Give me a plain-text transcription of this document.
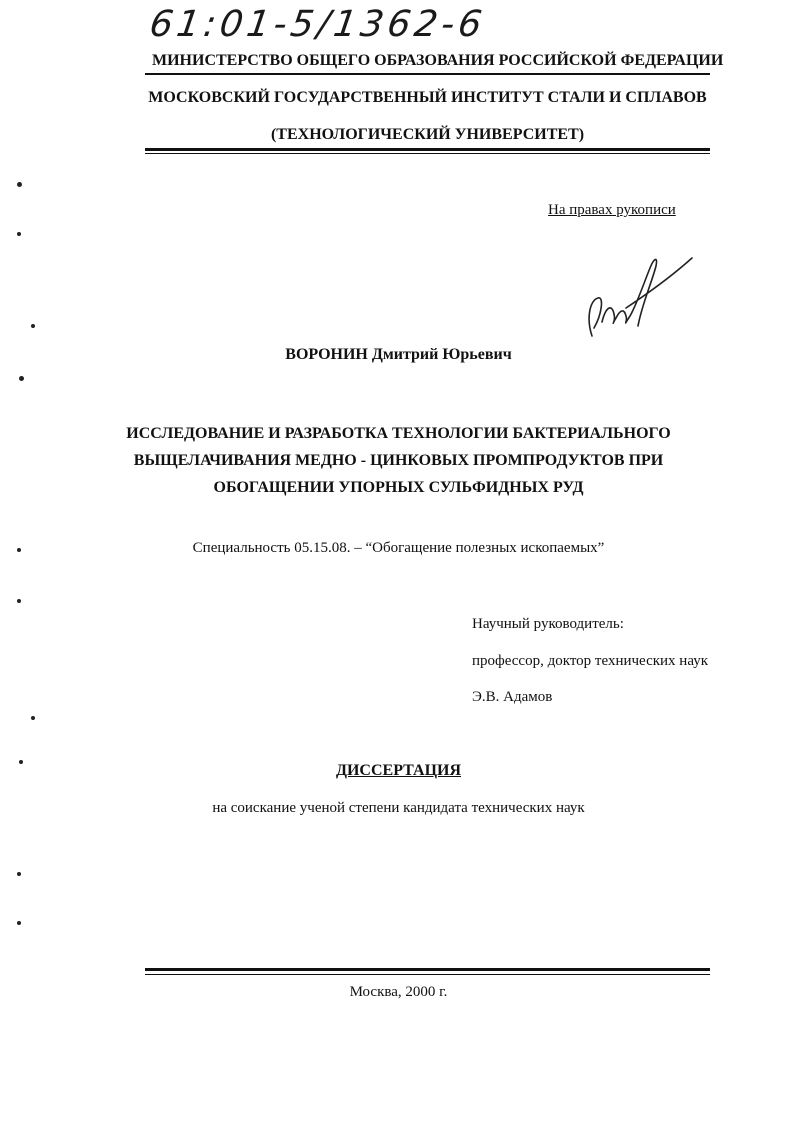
61:01-5/1362-6
МИНИСТЕРСТВО ОБЩЕГО ОБРАЗОВАНИЯ РОССИЙСКОЙ ФЕДЕРАЦИИ
МОСКОВСКИЙ ГОСУДАРСТВЕННЫЙ ИНСТИТУТ СТАЛИ И СПЛАВОВ
(ТЕХНОЛОГИЧЕСКИЙ УНИВЕРСИТЕТ)
На правах рукописи
ВОРОНИН Дмитрий Юрьевич
ИССЛЕДОВАНИЕ И РАЗРАБОТКА ТЕХНОЛОГИИ БАКТЕРИАЛЬНОГО
ВЫЩЕЛАЧИВАНИЯ МЕДНО - ЦИНКОВЫХ ПРОМПРОДУКТОВ ПРИ
ОБОГАЩЕНИИ УПОРНЫХ СУЛЬФИДНЫХ РУД
Специальность 05.15.08. – “Обогащение полезных ископаемых”
Научный руководитель:
профессор, доктор технических наук
Э.В. Адамов
ДИССЕРТАЦИЯ
на соискание ученой степени кандидата технических наук
Москва, 2000 г.
